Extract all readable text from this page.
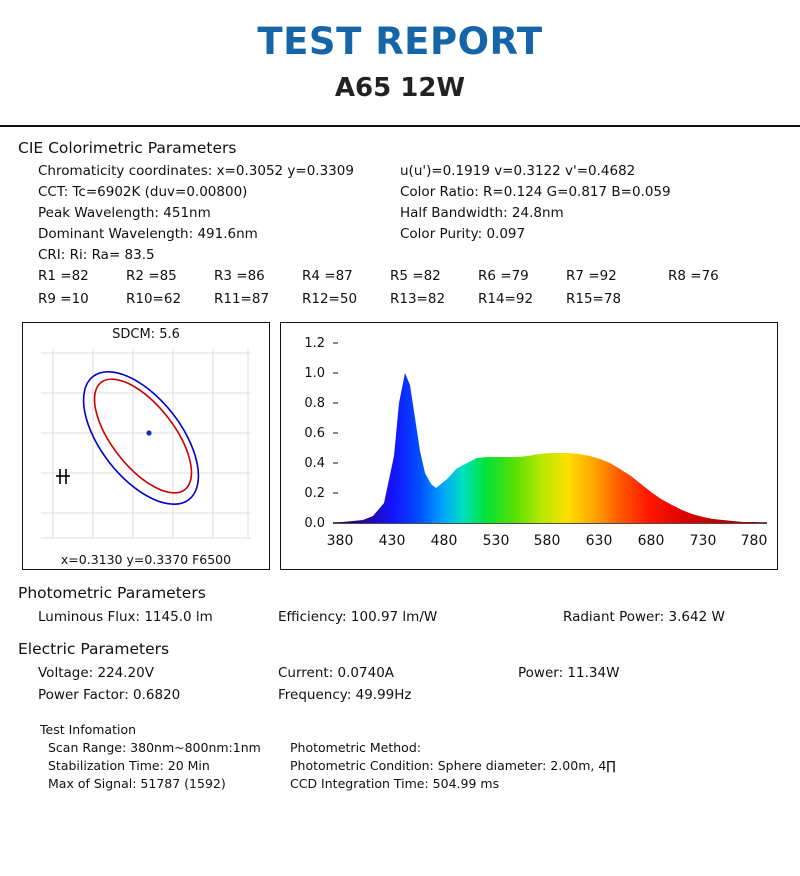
TEST REPORT
A65 12W
CIE Colorimetric Parameters
Chromaticity coordinates: x=0.3052 y=0.3309	u(u')=0.1919 v=0.3122 v'=0.4682
CCT: Tc=6902K (duv=0.00800)	Color Ratio: R=0.124 G=0.817 B=0.059
Peak Wavelength: 451nm	Half Bandwidth: 24.8nm
Dominant Wavelength: 491.6nm	Color Purity: 0.097
CRI: Ri: Ra= 83.5
R1 =82	R2 =85	R3 =86	R4 =87	R5 =82	R6 =79	R7 =92	R8 =76
R9 =10	R10=62 R11=87 R12=50 R13=82 R14=92 R15=78
SDCM: 5.6
x=0.3130 y=0.3370 F6500
1.2
1.0
0.8
0.6
0.4
0.2
0.0
380 430 480 530 580 630 680 730 780
Photometric Parameters
Luminous Flux: 1145.0 lm	Efficiency: 100.97 lm/W	Radiant Power: 3.642 W
Electric Parameters
Voltage: 224.20V	Current: 0.0740A	Power: 11.34W
Power Factor: 0.6820	Frequency: 49.99Hz
Test Infomation
Scan Range: 380nm~800nm:1nm Photometric Method:
Stabilization Time: 20 Min	Photometric Condition: Sphere diameter: 2.00m, 4∏
Max of Signal: 51787 (1592)	CCD Integration Time: 504.99 ms
